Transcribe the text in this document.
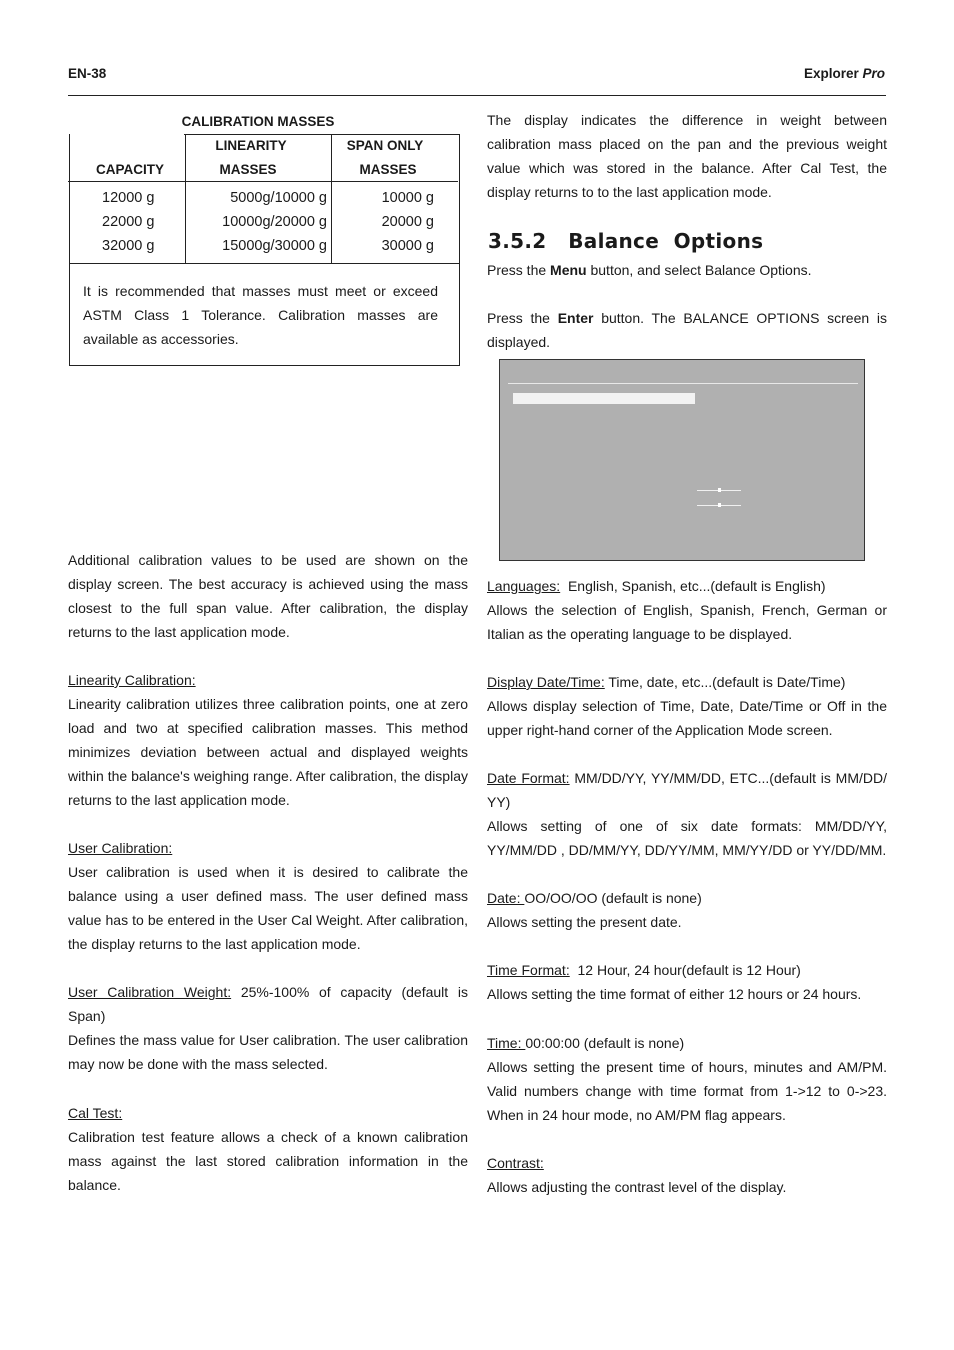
EN-38	Explorer Pro
CALIBRATION MASSES
CAPACITY
LINEARITY
MASSES
SPAN ONLY
MASSES
12000 g
22000 g
32000 g
5000g/10000 g
10000g/20000 g
15000g/30000 g
10000 g
20000 g
30000 g

It is recommended that masses must meet or exceed ASTM Class 1 Tolerance. Calibration masses are available as accessories.

Additional calibration values to be used are shown on the display screen. The best accuracy is achieved using the mass closest to the full span value. After calibration, the display returns to the last application mode.

Linearity Calibration:

Linearity calibration utilizes three calibration points, one at zero load and two at specified calibration masses. This method minimizes deviation between actual and displayed weights within the balance's weighing range. After calibration, the display returns to the last application mode.

User Calibration:

User calibration is used when it is desired to calibrate the balance using a user defined mass. The user defined mass value has to be entered in the User Cal Weight. After calibration, the display returns to the last application mode.

User Calibration Weight: 25%-100% of capacity (default is Span)

Defines the mass value for User calibration. The user calibration may now be done with the mass selected.

Cal Test:

Calibration test feature allows a check of a known calibration mass against the last stored calibration information in the balance.

The display indicates the difference in weight between calibration mass placed on the pan and the previous weight value which was stored in the balance. After Cal Test, the display returns to to the last application mode.

3.5.2   Balance  Options

Press the Menu button, and select Balance Options.

Press the Enter button. The BALANCE OPTIONS screen is displayed.

Languages:  English, Spanish, etc...(default is English)

Allows the selection of English, Spanish, French, German or Italian as the operating language to be displayed.

Display Date/Time: Time, date, etc...(default is Date/Time)

Allows display selection of Time, Date, Date/Time or Off in the upper right-hand corner of the Application Mode screen.

Date Format: MM/DD/YY, YY/MM/DD, ETC...(default is MM/DD/ YY)

Allows setting of one of six date formats: MM/DD/YY, YY/MM/DD , DD/MM/YY, DD/YY/MM, MM/YY/DD or YY/DD/MM.

Date: OO/OO/OO (default is none)

Allows setting the present date.

Time Format:  12 Hour, 24 hour(default is 12 Hour)

Allows setting the time format of either 12 hours or 24 hours.

Time: 00:00:00 (default is none)

Allows setting the present time of hours, minutes and AM/PM. Valid numbers change with time format from 1->12 to 0->23. When in 24 hour mode, no AM/PM flag appears.

Contrast:

Allows adjusting the contrast level of the display.
